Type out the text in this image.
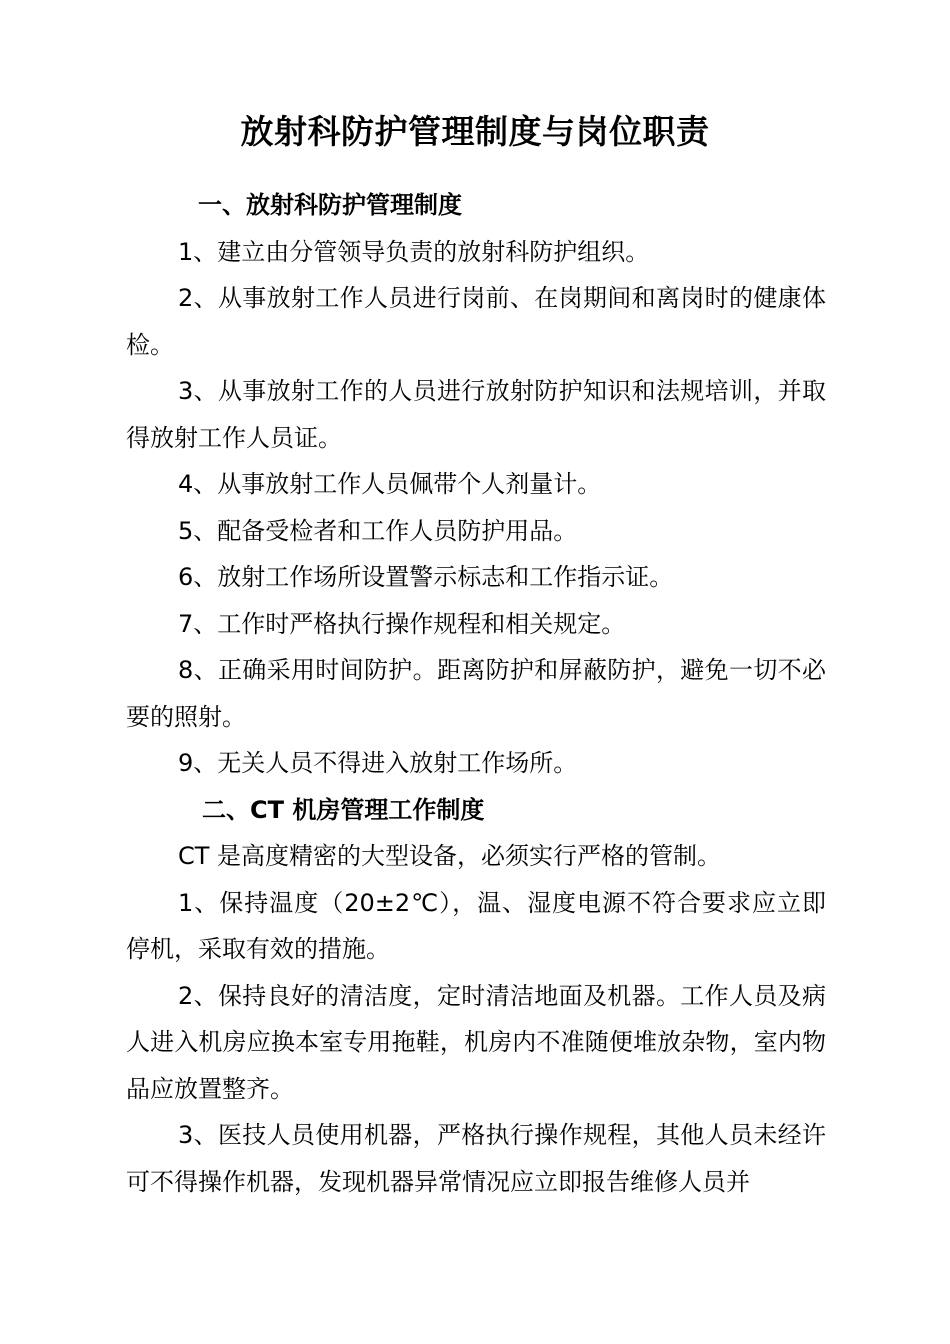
放射科防护管理制度与岗位职责

一、放射科防护管理制度

1、建立由分管领导负责的放射科防护组织。

2、从事放射工作人员进行岗前、在岗期间和离岗时的健康体检。

3、从事放射工作的人员进行放射防护知识和法规培训，并取得放射工作人员证。

4、从事放射工作人员佩带个人剂量计。

5、配备受检者和工作人员防护用品。

6、放射工作场所设置警示标志和工作指示证。

7、工作时严格执行操作规程和相关规定。

8、正确采用时间防护。距离防护和屏蔽防护，避免一切不必要的照射。

9、无关人员不得进入放射工作场所。

二、CT 机房管理工作制度

CT 是高度精密的大型设备，必须实行严格的管制。

1、保持温度（20±2℃），温、湿度电源不符合要求应立即停机，采取有效的措施。

2、保持良好的清洁度，定时清洁地面及机器。工作人员及病人进入机房应换本室专用拖鞋，机房内不准随便堆放杂物，室内物品应放置整齐。

3、医技人员使用机器，严格执行操作规程，其他人员未经许可不得操作机器，发现机器异常情况应立即报告维修人员并
